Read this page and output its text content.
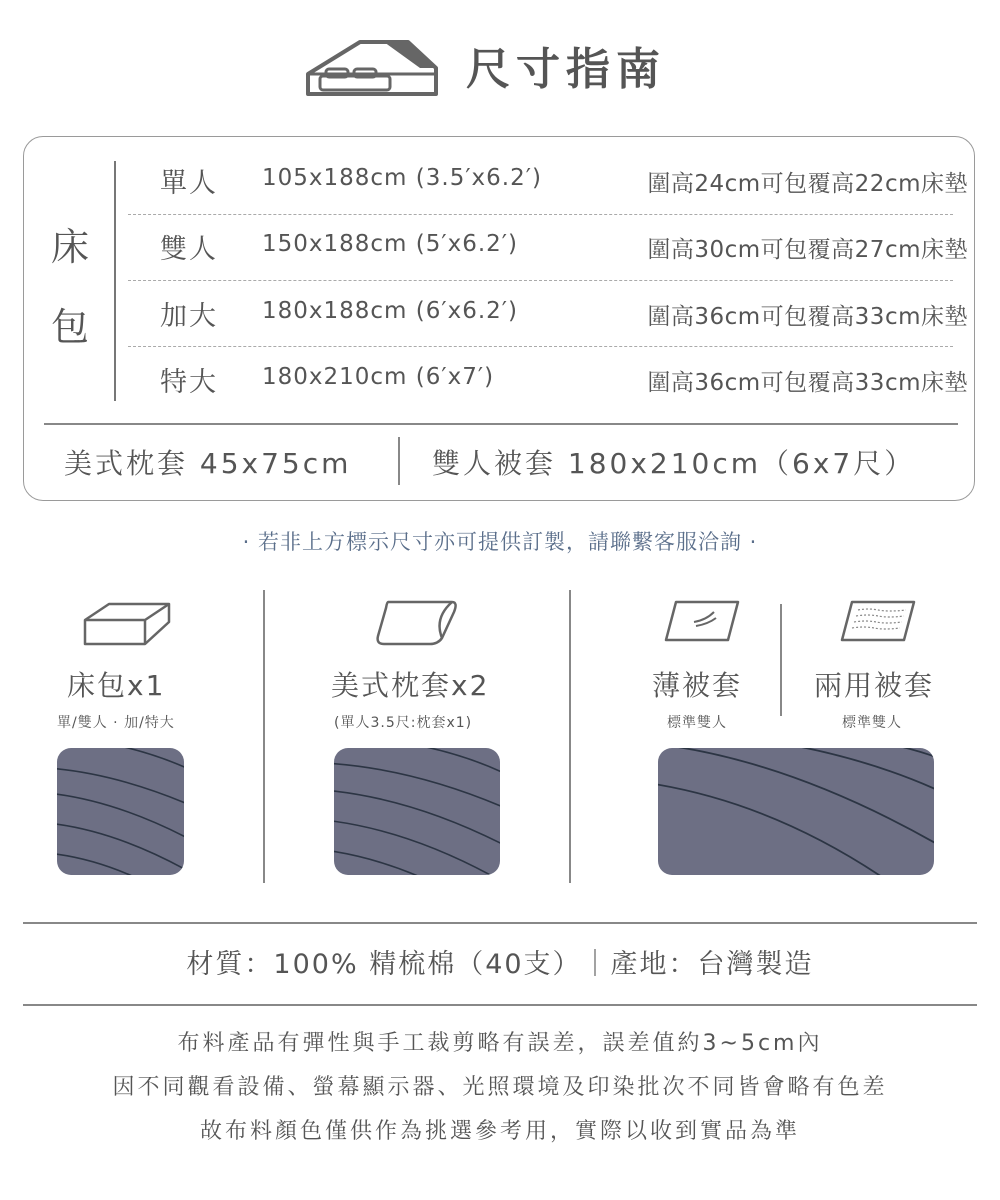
尺寸指南
床
包
單人 105x188cm (3.5′x6.2′)	圍高24cm可包覆高22cm床墊
雙人 150x188cm (5′x6.2′)	圍高30cm可包覆高27cm床墊
加大 180x188cm (6′x6.2′)	圍高36cm可包覆高33cm床墊
特大 180x210cm (6′x7′)	圍高36cm可包覆高33cm床墊
美式枕套 45x75cm	雙人被套 180x210cm（6x7尺）
· 若非上方標示尺寸亦可提供訂製，請聯繫客服洽詢 ·
床包x1
單/雙人 · 加/特大
美式枕套x2
(單人3.5尺:枕套x1)
薄被套
標準雙人
兩用被套
標準雙人
材質：100% 精梳棉（40支）｜產地：台灣製造
布料產品有彈性與手工裁剪略有誤差，誤差值約3~5cm內
因不同觀看設備、螢幕顯示器、光照環境及印染批次不同皆會略有色差
故布料顏色僅供作為挑選參考用，實際以收到實品為準
